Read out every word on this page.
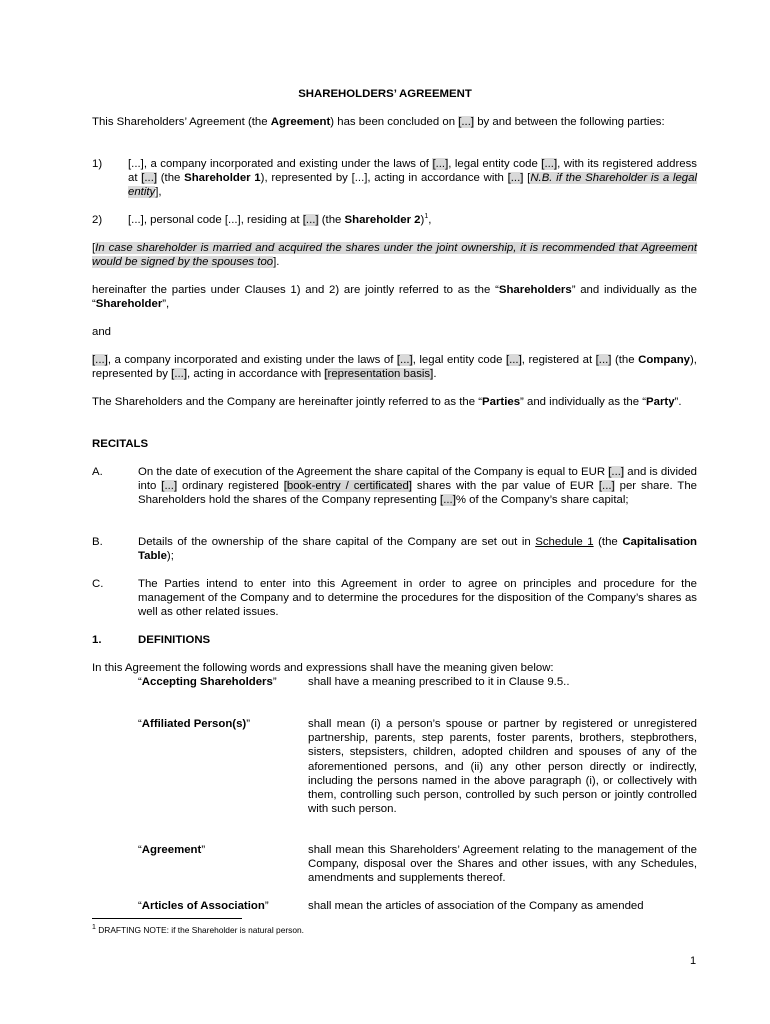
SHAREHOLDERS’ AGREEMENT
This Shareholders’ Agreement (the Agreement) has been concluded on [...] by and between the following parties:
1) [...], a company incorporated and existing under the laws of [...], legal entity code [...], with its registered address at [...] (the Shareholder 1), represented by [...], acting in accordance with [...] [N.B. if the Shareholder is a legal entity],
2) [...], personal code [...], residing at [...] (the Shareholder 2)$^1$,
[In case shareholder is married and acquired the shares under the joint ownership, it is recommended that Agreement would be signed by the spouses too].
hereinafter the parties under Clauses 1) and 2) are jointly referred to as the “Shareholders” and individually as the “Shareholder”,
and
[...], a company incorporated and existing under the laws of [...], legal entity code [...], registered at [...] (the Company), represented by [...], acting in accordance with [representation basis].
The Shareholders and the Company are hereinafter jointly referred to as the “Parties” and individually as the “Party”.
RECITALS
A.	On the date of execution of the Agreement the share capital of the Company is equal to EUR [...] and is divided into [...] ordinary registered [book-entry / certificated] shares with the par value of EUR [...] per share. The Shareholders hold the shares of the Company representing [...]% of the Company’s share capital;
B.	Details of the ownership of the share capital of the Company are set out in Schedule 1 (the Capitalisation Table);
C.	The Parties intend to enter into this Agreement in order to agree on principles and procedure for the management of the Company and to determine the procedures for the disposition of the Company’s shares as well as other related issues.
1.	DEFINITIONS
In this Agreement the following words and expressions shall have the meaning given below:
“Accepting Shareholders”	shall have a meaning prescribed to it in Clause 9.5..
“Affiliated Person(s)”	shall mean (i) a person’s spouse or partner by registered or unregistered partnership, parents, step parents, foster parents, brothers, stepbrothers, sisters, stepsisters, children, adopted children and spouses of any of the aforementioned persons, and (ii) any other person directly or indirectly, including the persons named in the above paragraph (i), or collectively with them, controlling such person, controlled by such person or jointly controlled with such person.
“Agreement”	shall mean this Shareholders’ Agreement relating to the management of the Company, disposal over the Shares and other issues, with any Schedules, amendments and supplements thereof.
“Articles of Association”	shall mean the articles of association of the Company as amended
$^1$ DRAFTING NOTE: if the Shareholder is natural person.
1
